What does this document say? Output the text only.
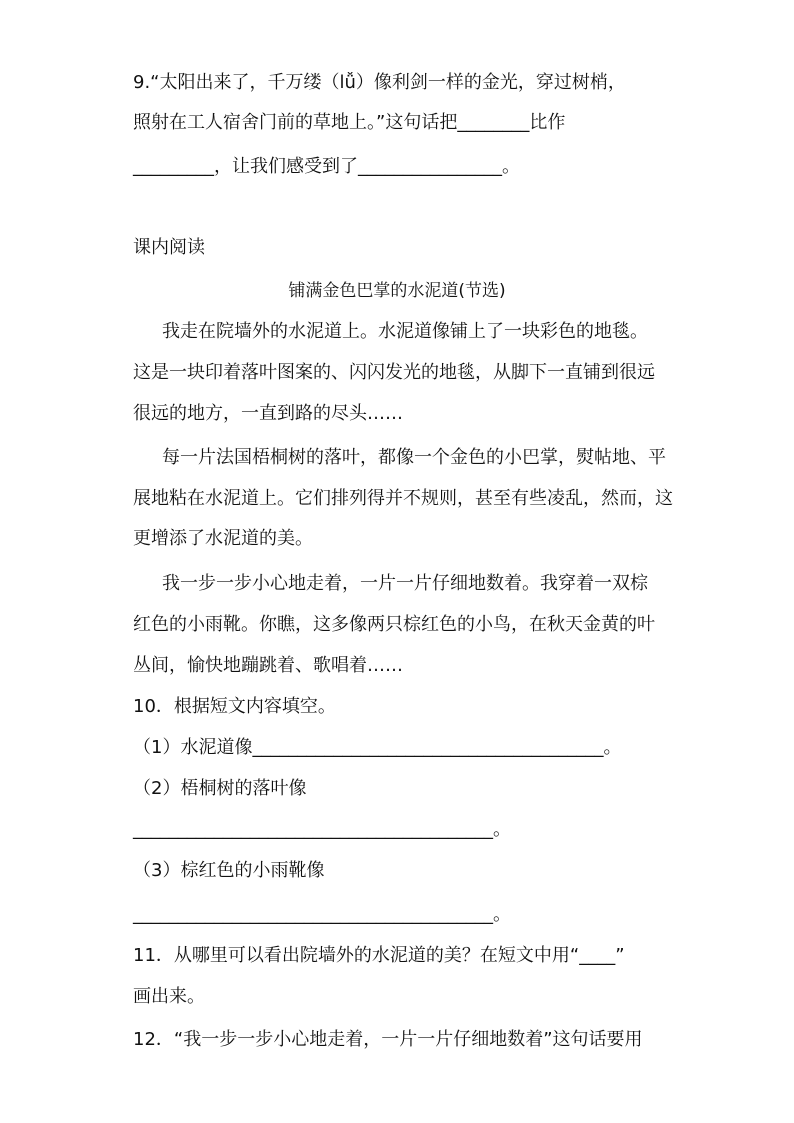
9.“太阳出来了，千万缕（lǚ）像利剑一样的金光，穿过树梢，
照射在工人宿舍门前的草地上。”这句话把________比作
_________，让我们感受到了________________。
课内阅读
铺满金色巴掌的水泥道(节选)
我走在院墙外的水泥道上。水泥道像铺上了一块彩色的地毯。
这是一块印着落叶图案的、闪闪发光的地毯，从脚下一直铺到很远
很远的地方，一直到路的尽头……
每一片法国梧桐树的落叶，都像一个金色的小巴掌，熨帖地、平
展地粘在水泥道上。它们排列得并不规则，甚至有些凌乱，然而，这
更增添了水泥道的美。
我一步一步小心地走着，一片一片仔细地数着。我穿着一双棕
红色的小雨靴。你瞧，这多像两只棕红色的小鸟，在秋天金黄的叶
丛间，愉快地蹦跳着、歌唱着……
10．根据短文内容填空。
（1）水泥道像_______________________________________。
（2）梧桐树的落叶像
________________________________________。
（3）棕红色的小雨靴像
________________________________________。
11．从哪里可以看出院墙外的水泥道的美？在短文中用“____”
画出来。
12．“我一步一步小心地走着，一片一片仔细地数着”这句话要用
